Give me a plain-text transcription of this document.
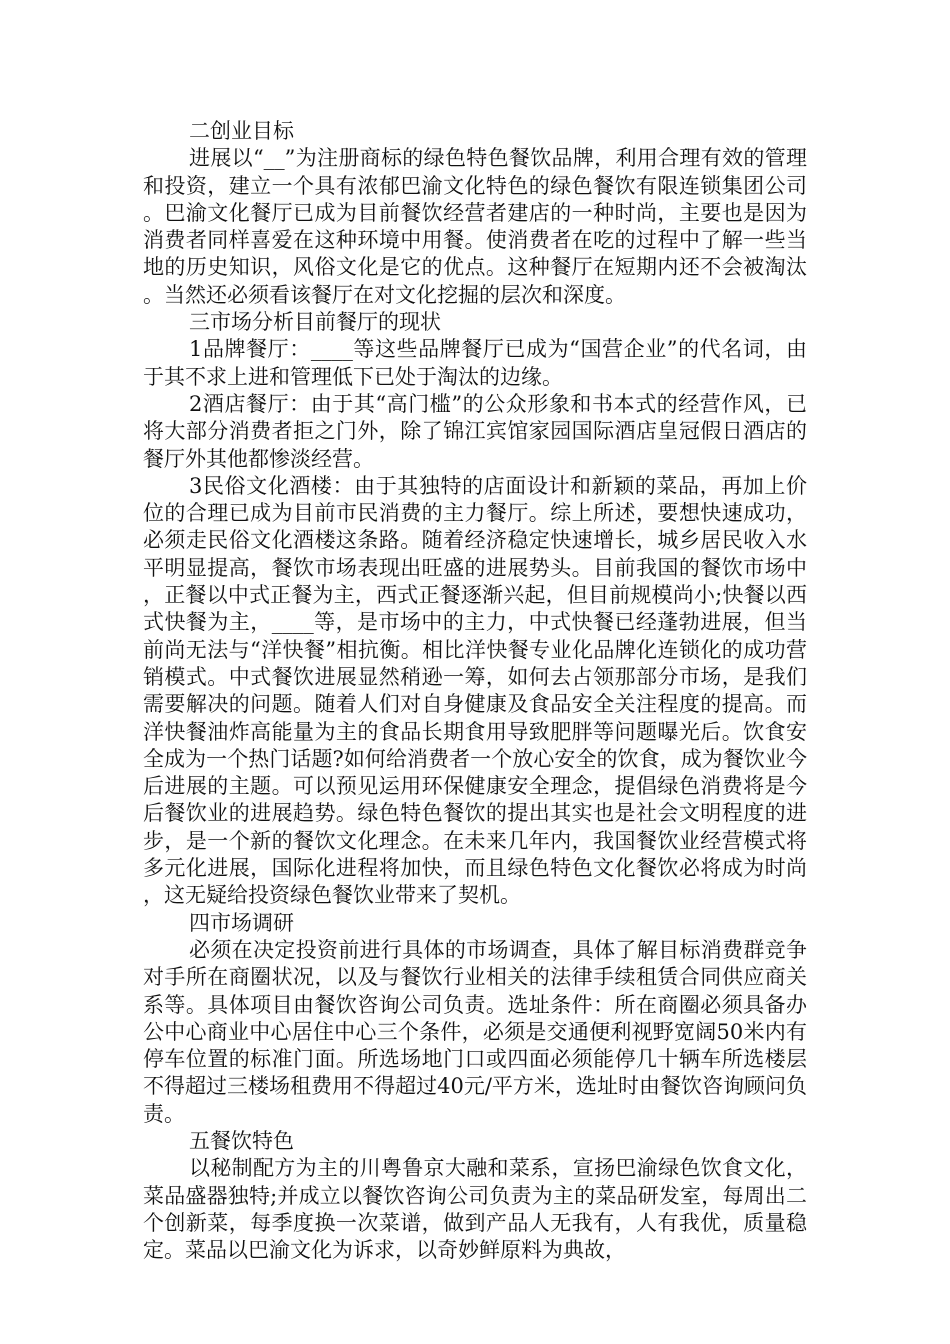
二创业目标

进展以“__”为注册商标的绿色特色餐饮品牌，利用合理有效的管理和投资，建立一个具有浓郁巴渝文化特色的绿色餐饮有限连锁集团公司。巴渝文化餐厅已成为目前餐饮经营者建店的一种时尚，主要也是因为消费者同样喜爱在这种环境中用餐。使消费者在吃的过程中了解一些当地的历史知识，风俗文化是它的优点。这种餐厅在短期内还不会被淘汰。当然还必须看该餐厅在对文化挖掘的层次和深度。

三市场分析目前餐厅的现状

1品牌餐厅：____等这些品牌餐厅已成为“国营企业”的代名词，由于其不求上进和管理低下已处于淘汰的边缘。

2酒店餐厅：由于其“高门槛”的公众形象和书本式的经营作风，已将大部分消费者拒之门外，除了锦江宾馆家园国际酒店皇冠假日酒店的餐厅外其他都惨淡经营。

3民俗文化酒楼：由于其独特的店面设计和新颖的菜品，再加上价位的合理已成为目前市民消费的主力餐厅。综上所述，要想快速成功，必须走民俗文化酒楼这条路。随着经济稳定快速增长，城乡居民收入水平明显提高，餐饮市场表现出旺盛的进展势头。目前我国的餐饮市场中，正餐以中式正餐为主，西式正餐逐渐兴起，但目前规模尚小;快餐以西式快餐为主，____等，是市场中的主力，中式快餐已经蓬勃进展，但当前尚无法与“洋快餐”相抗衡。相比洋快餐专业化品牌化连锁化的成功营销模式。中式餐饮进展显然稍逊一筹，如何去占领那部分市场，是我们需要解决的问题。随着人们对自身健康及食品安全关注程度的提高。而洋快餐油炸高能量为主的食品长期食用导致肥胖等问题曝光后。饮食安全成为一个热门话题?如何给消费者一个放心安全的饮食，成为餐饮业今后进展的主题。可以预见运用环保健康安全理念，提倡绿色消费将是今后餐饮业的进展趋势。绿色特色餐饮的提出其实也是社会文明程度的进步，是一个新的餐饮文化理念。在未来几年内，我国餐饮业经营模式将多元化进展，国际化进程将加快，而且绿色特色文化餐饮必将成为时尚，这无疑给投资绿色餐饮业带来了契机。

四市场调研

必须在决定投资前进行具体的市场调查，具体了解目标消费群竞争对手所在商圈状况，以及与餐饮行业相关的法律手续租赁合同供应商关系等。具体项目由餐饮咨询公司负责。选址条件：所在商圈必须具备办公中心商业中心居住中心三个条件，必须是交通便利视野宽阔50米内有停车位置的标准门面。所选场地门口或四面必须能停几十辆车所选楼层不得超过三楼场租费用不得超过40元/平方米，选址时由餐饮咨询顾问负责。

五餐饮特色

以秘制配方为主的川粤鲁京大融和菜系，宣扬巴渝绿色饮食文化，菜品盛器独特;并成立以餐饮咨询公司负责为主的菜品研发室，每周出二个创新菜，每季度换一次菜谱，做到产品人无我有，人有我优，质量稳定。菜品以巴渝文化为诉求，以奇妙鲜原料为典故，
